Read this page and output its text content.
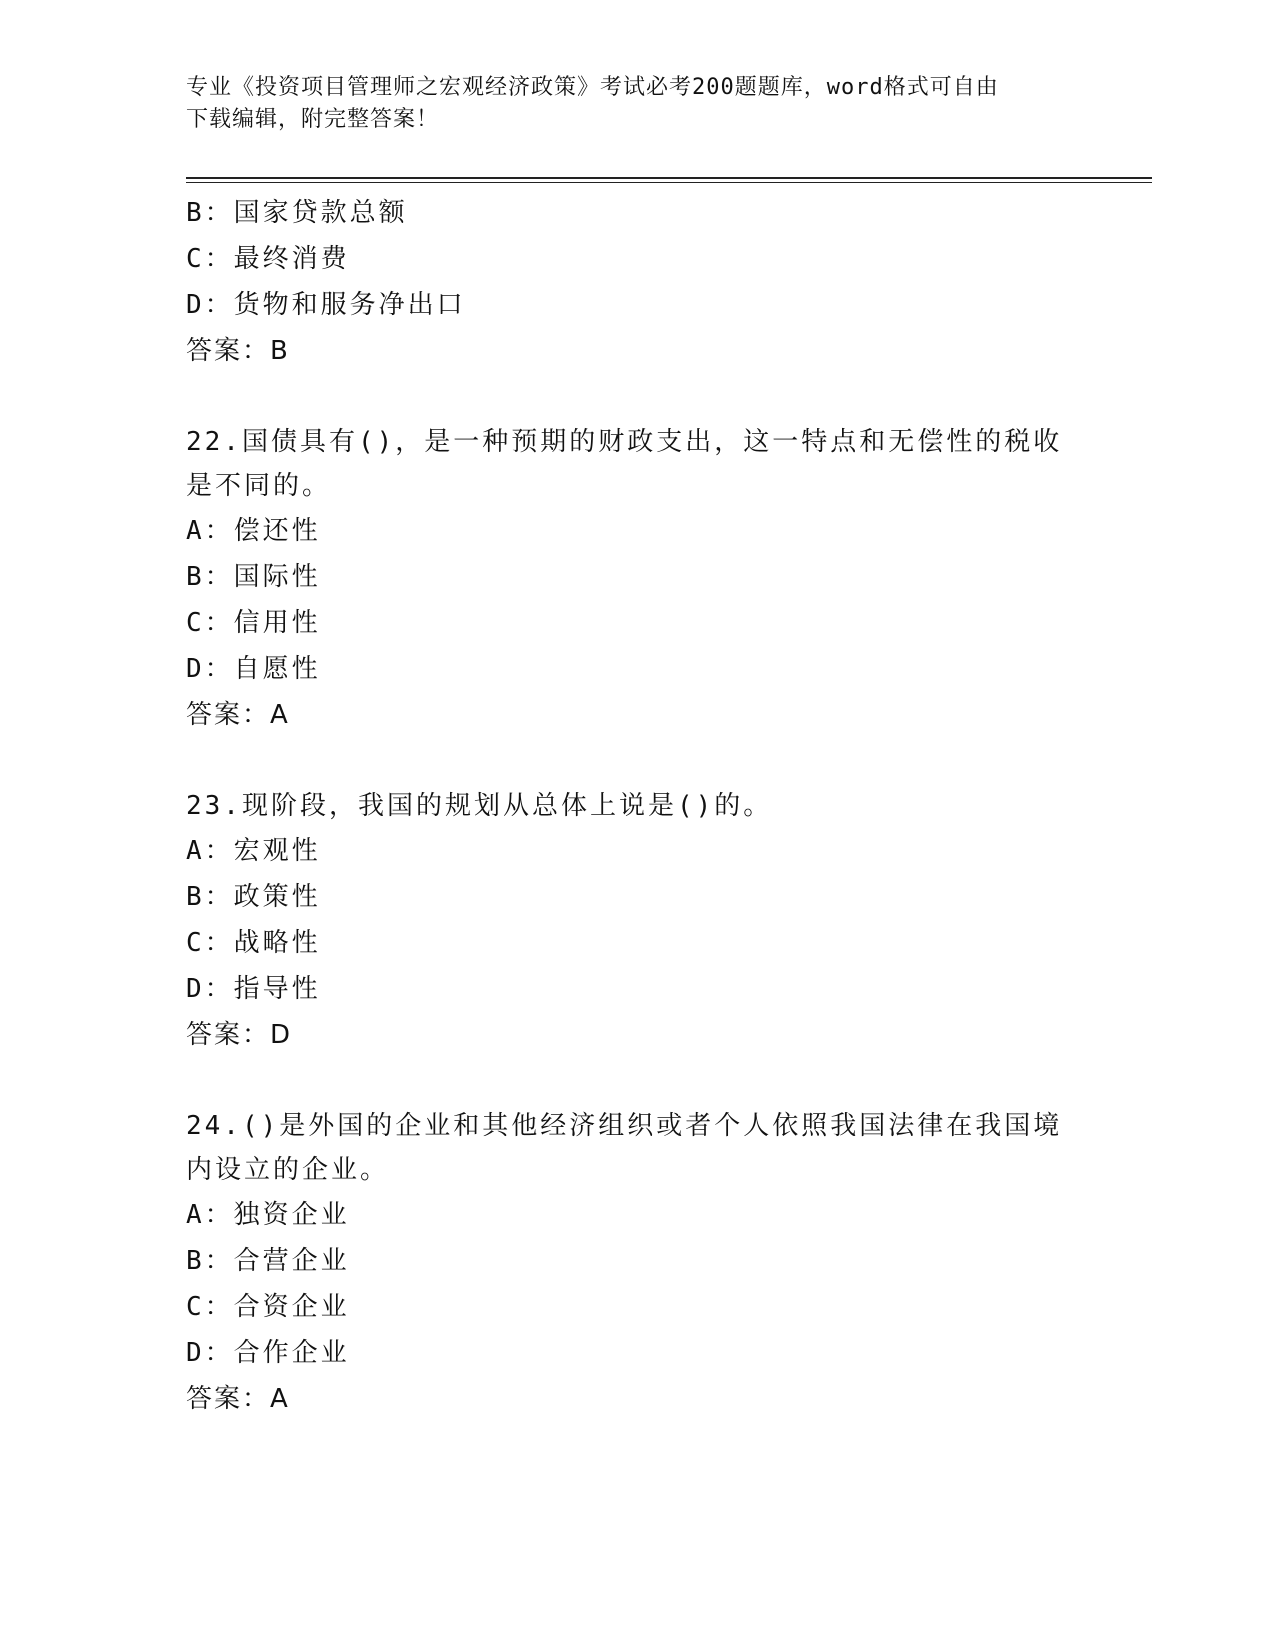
专业《投资项目管理师之宏观经济政策》考试必考200题题库，word格式可自由
下载编辑，附完整答案！
B：国家贷款总额
C：最终消费
D：货物和服务净出口
答案：B
22.国债具有()，是一种预期的财政支出，这一特点和无偿性的税收是不同的。
A：偿还性
B：国际性
C：信用性
D：自愿性
答案：A
23.现阶段，我国的规划从总体上说是()的。
A：宏观性
B：政策性
C：战略性
D：指导性
答案：D
24.()是外国的企业和其他经济组织或者个人依照我国法律在我国境内设立的企业。
A：独资企业
B：合营企业
C：合资企业
D：合作企业
答案：A
